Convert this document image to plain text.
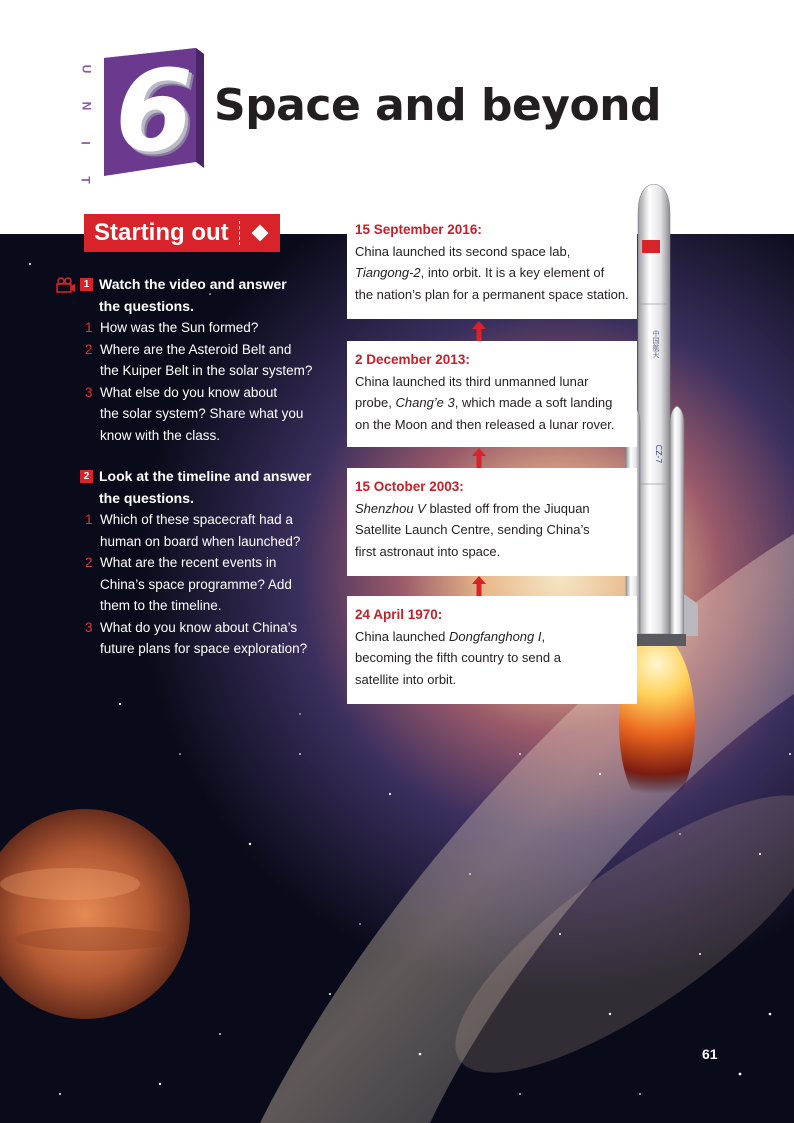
U
N
I
T
6 Space and beyond
Starting out
1 Watch the video and answer
the questions.
1 How was the Sun formed?
2 Where are the Asteroid Belt and
the Kuiper Belt in the solar system?
3 What else do you know about
the solar system? Share what you
know with the class.
2 Look at the timeline and answer
the questions.
1 Which of these spacecraft had a
human on board when launched?
2 What are the recent events in
China’s space programme? Add
them to the timeline.
3 What do you know about China’s
future plans for space exploration?
CZ-7
中国航天
15 September 2016:
China launched its second space lab,
Tiangong-2, into orbit. It is a key element of
the nation’s plan for a permanent space station.
2 December 2013:
China launched its third unmanned lunar
probe, Chang’e 3, which made a soft landing
on the Moon and then released a lunar rover.
15 October 2003:
Shenzhou V blasted off from the Jiuquan
Satellite Launch Centre, sending China’s
first astronaut into space.
24 April 1970:
China launched Dongfanghong I,
becoming the fifth country to send a
satellite into orbit.
61
